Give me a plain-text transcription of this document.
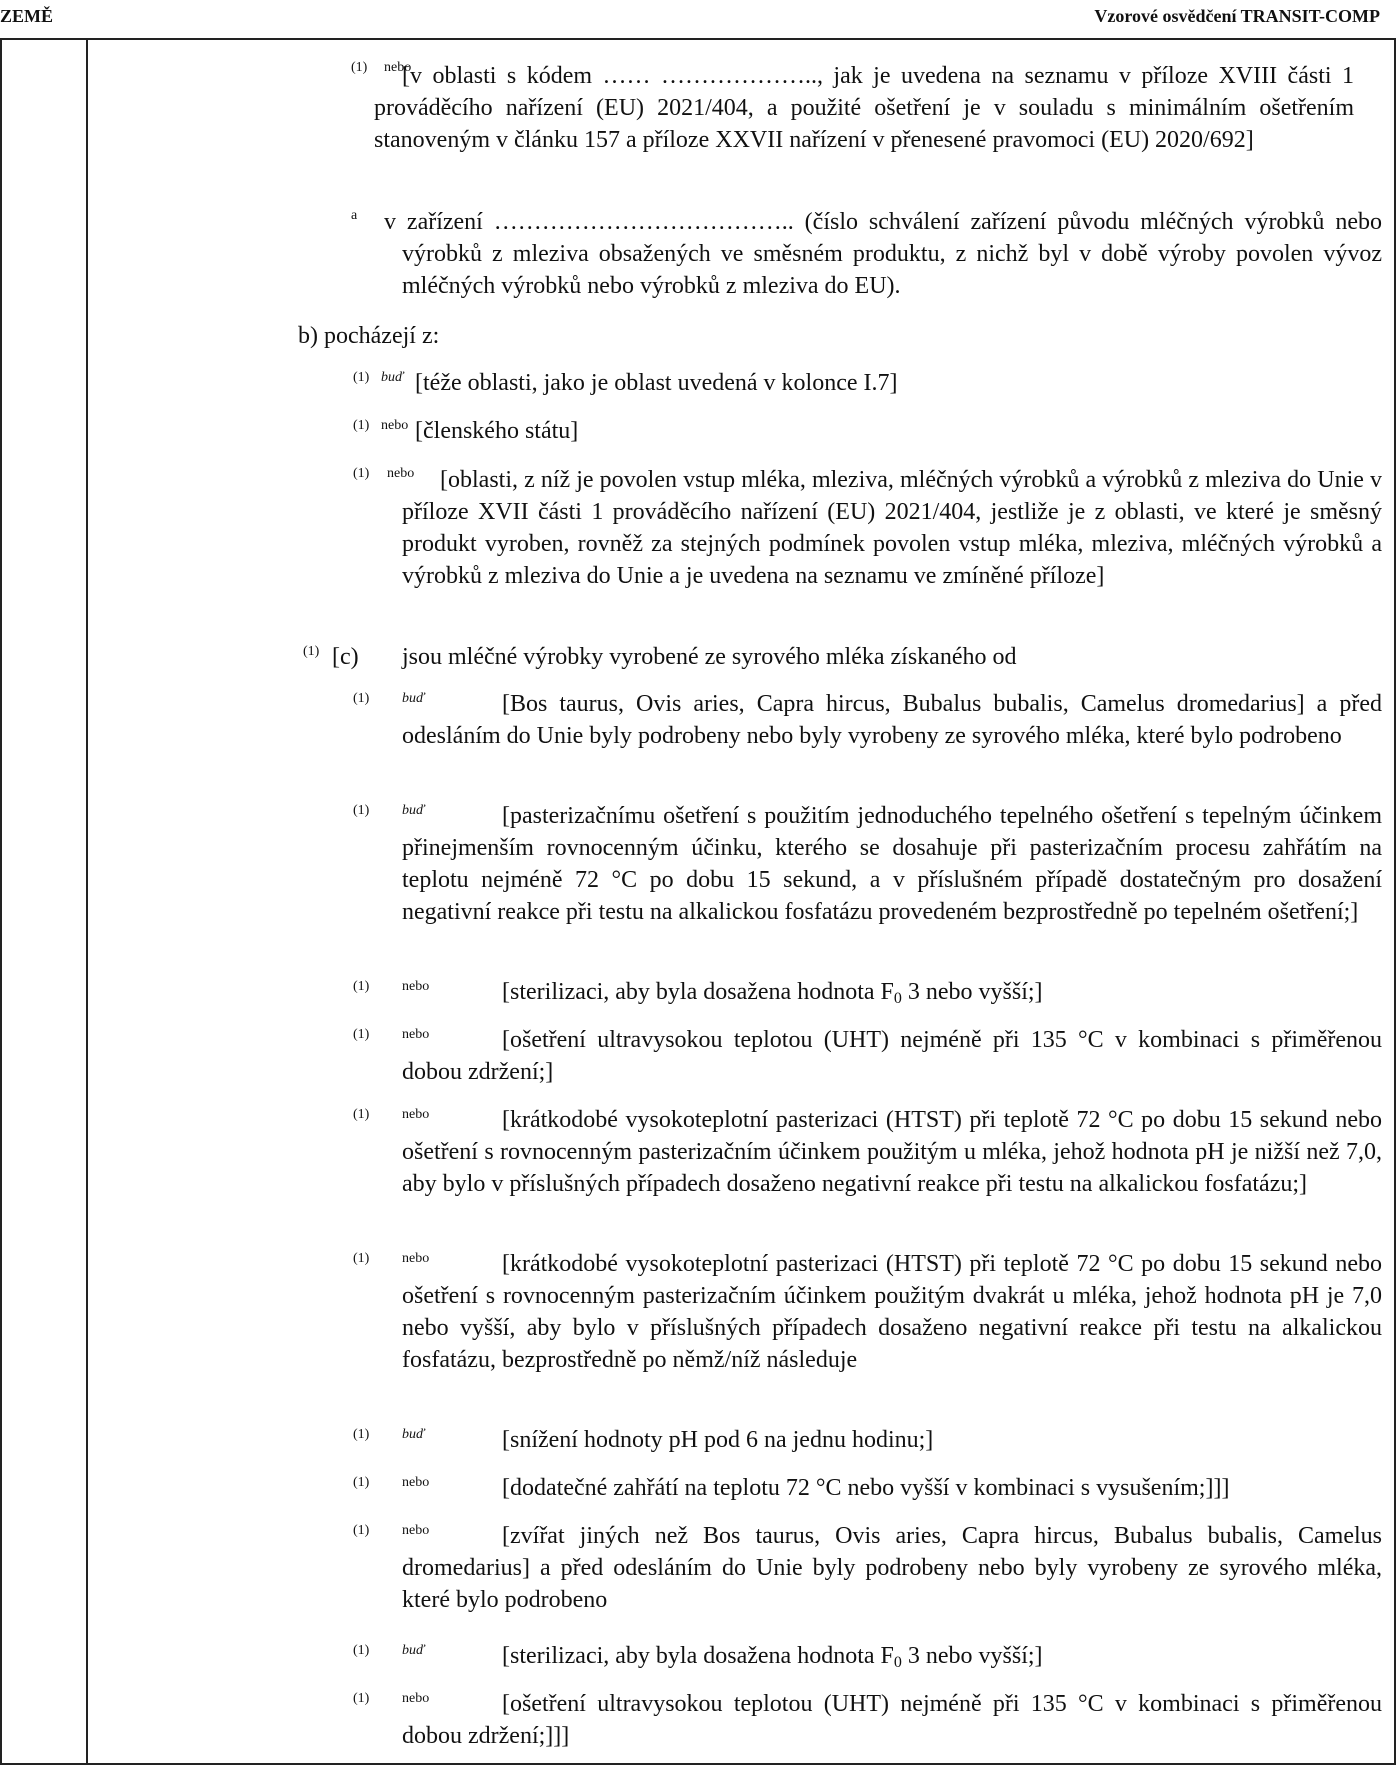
ZEMĚ	Vzorové osvědčení TRANSIT-COMP
(1) nebo

[v oblasti s kódem …… ……………….., jak je uvedena na seznamu v příloze XVIII části 1 prováděcího nařízení (EU) 2021/404, a použité ošetření je v souladu s minimálním ošetřením stanoveným v článku 157 a příloze XXVII nařízení v přenesené pravomoci (EU) 2020/692]

a v zařízení ……………………………….. (číslo schválení zařízení původu mléčných výrobků nebo výrobků z mleziva obsažených ve směsném produktu, z nichž byl v době výroby povolen vývoz mléčných výrobků nebo výrobků z mleziva do EU).

b) pocházejí z:

(1) buď [téže oblasti, jako je oblast uvedená v kolonce I.7]

(1) nebo [členského státu]

(1) nebo	[oblasti, z níž je povolen vstup mléka, mleziva, mléčných výrobků a výrobků z mleziva do Unie v příloze XVII části 1 prováděcího nařízení (EU) 2021/404, jestliže je z oblasti, ve které je směsný produkt vyroben, rovněž za stejných podmínek povolen vstup mléka, mleziva, mléčných výrobků a výrobků z mleziva do Unie a je uvedena na seznamu ve zmíněné příloze]

(1) [c) jsou mléčné výrobky vyrobené ze syrového mléka získaného od

(1) buď	[Bos taurus, Ovis aries, Capra hircus, Bubalus bubalis, Camelus dromedarius] a před odesláním do Unie byly podrobeny nebo byly vyrobeny ze syrového mléka, které bylo podrobeno

(1) buď	[pasterizačnímu ošetření s použitím jednoduchého tepelného ošetření s tepelným účinkem přinejmenším rovnocenným účinku, kterého se dosahuje při pasterizačním procesu zahřátím na teplotu nejméně 72 °C po dobu 15 sekund, a v příslušném případě dostatečným pro dosažení negativní reakce při testu na alkalickou fosfatázu provedeném bezprostředně po tepelném ošetření;]

(1) nebo	[sterilizaci, aby byla dosažena hodnota $F_0$ 3 nebo vyšší;]

(1) nebo	[ošetření ultravysokou teplotou (UHT) nejméně při 135 °C v kombinaci s přiměřenou dobou zdržení;]

(1) nebo	[krátkodobé vysokoteplotní pasterizaci (HTST) při teplotě 72 °C po dobu 15 sekund nebo ošetření s rovnocenným pasterizačním účinkem použitým u mléka, jehož hodnota pH je nižší než 7,0, aby bylo v příslušných případech dosaženo negativní reakce při testu na alkalickou fosfatázu;]

(1) nebo	[krátkodobé vysokoteplotní pasterizaci (HTST) při teplotě 72 °C po dobu 15 sekund nebo ošetření s rovnocenným pasterizačním účinkem použitým dvakrát u mléka, jehož hodnota pH je 7,0 nebo vyšší, aby bylo v příslušných případech dosaženo negativní reakce při testu na alkalickou fosfatázu, bezprostředně po němž/níž následuje

(1) buď	[snížení hodnoty pH pod 6 na jednu hodinu;]

(1) nebo	[dodatečné zahřátí na teplotu 72 °C nebo vyšší v kombinaci s vysušením;]]]

(1) nebo	[zvířat jiných než Bos taurus, Ovis aries, Capra hircus, Bubalus bubalis, Camelus dromedarius] a před odesláním do Unie byly podrobeny nebo byly vyrobeny ze syrového mléka, které bylo podrobeno

(1) buď	[sterilizaci, aby byla dosažena hodnota $F_0$ 3 nebo vyšší;]

(1) nebo	[ošetření ultravysokou teplotou (UHT) nejméně při 135 °C v kombinaci s přiměřenou dobou zdržení;]]]
